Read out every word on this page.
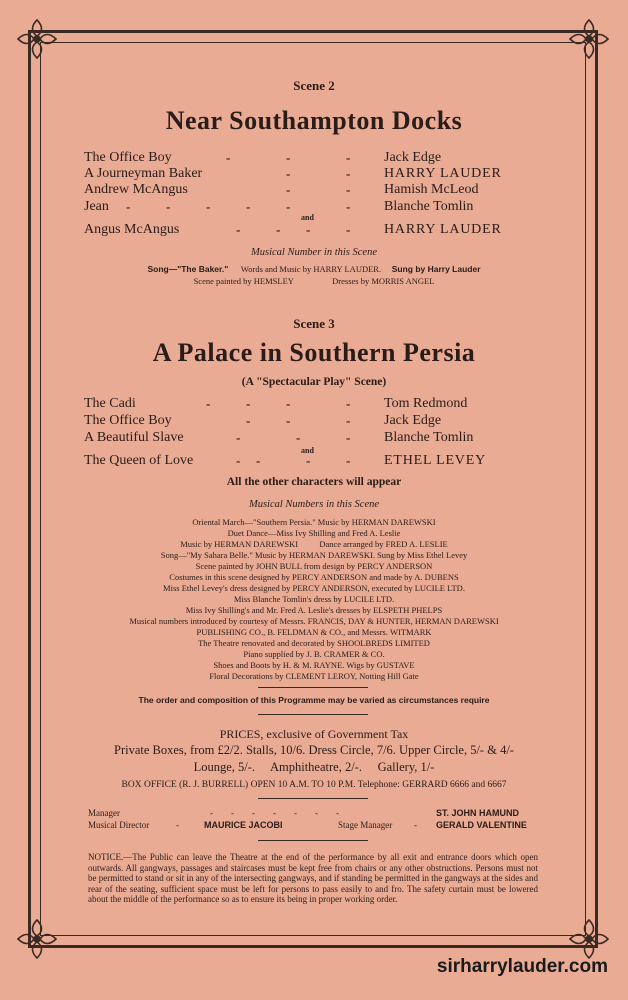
Scene 2
Near Southampton Docks
The Office Boy	-	-	- Jack Edge
A Journeyman Baker	-	- HARRY LAUDER
Andrew McAngus	-	- Hamish McLeod
Jean -	-	-	-	-	- Blanche Tomlin
and
Angus McAngus	-	- -	- HARRY LAUDER
Musical Number in this Scene
Song—"The Baker." Words and Music by HARRY LAUDER. Sung by Harry Lauder
Scene painted by HEMSLEY	Dresses by MORRIS ANGEL
Scene 3
A Palace in Southern Persia
(A "Spectacular Play" Scene)
The Cadi	-	-	-	- Tom Redmond
The Office Boy	-	-	- Jack Edge
A Beautiful Slave	-	-	- Blanche Tomlin
and
The Queen of Love	- -	-	- ETHEL LEVEY
All the other characters will appear
Musical Numbers in this Scene
Oriental March—"Southern Persia." Music by HERMAN DAREWSKI
Duet Dance—Miss Ivy Shilling and Fred A. Leslie
Music by HERMAN DAREWSKI          Dance arranged by FRED A. LESLIE
Song—"My Sahara Belle." Music by HERMAN DAREWSKI. Sung by Miss Ethel Levey
Scene painted by JOHN BULL from design by PERCY ANDERSON
Costumes in this scene designed by PERCY ANDERSON and made by A. DUBENS
Miss Ethel Levey's dress designed by PERCY ANDERSON, executed by LUCILE LTD.
Miss Blanche Tomlin's dress by LUCILE LTD.
Miss Ivy Shilling's and Mr. Fred A. Leslie's dresses by ELSPETH PHELPS
Musical numbers introduced by courtesy of Messrs. FRANCIS, DAY & HUNTER, HERMAN DAREWSKI
PUBLISHING CO., B. FELDMAN & CO., and Messrs. WITMARK
The Theatre renovated and decorated by SHOOLBREDS LIMITED
Piano supplied by J. B. CRAMER & CO.
Shoes and Boots by H. & M. RAYNE. Wigs by GUSTAVE
Floral Decorations by CLEMENT LEROY, Notting Hill Gate
The order and composition of this Programme may be varied as circumstances require
PRICES, exclusive of Government Tax
Private Boxes, from £2/2. Stalls, 10/6. Dress Circle, 7/6. Upper Circle, 5/- & 4/-
Lounge, 5/-.     Amphitheatre, 2/-.     Gallery, 1/-
BOX OFFICE (R. J. BURRELL) OPEN 10 A.M. TO 10 P.M. Telephone: GERRARD 6666 and 6667
Manager	-        -        -        -        -        -        -	ST. JOHN HAMUND
Musical Director	-	MAURICE JACOBI	Stage Manager - GERALD VALENTINE
NOTICE.—The Public can leave the Theatre at the end of the performance by all exit and entrance doors which open outwards. All gangways, passages and staircases must be kept free from chairs or any other obstructions. Persons must not be permitted to stand or sit in any of the intersecting gangways, and if standing be permitted in the gangways at the sides and rear of the seating, sufficient space must be left for persons to pass easily to and fro. The safety curtain must be lowered about the middle of the performance so as to ensure its being in proper working order.
sirharrylauder.com
